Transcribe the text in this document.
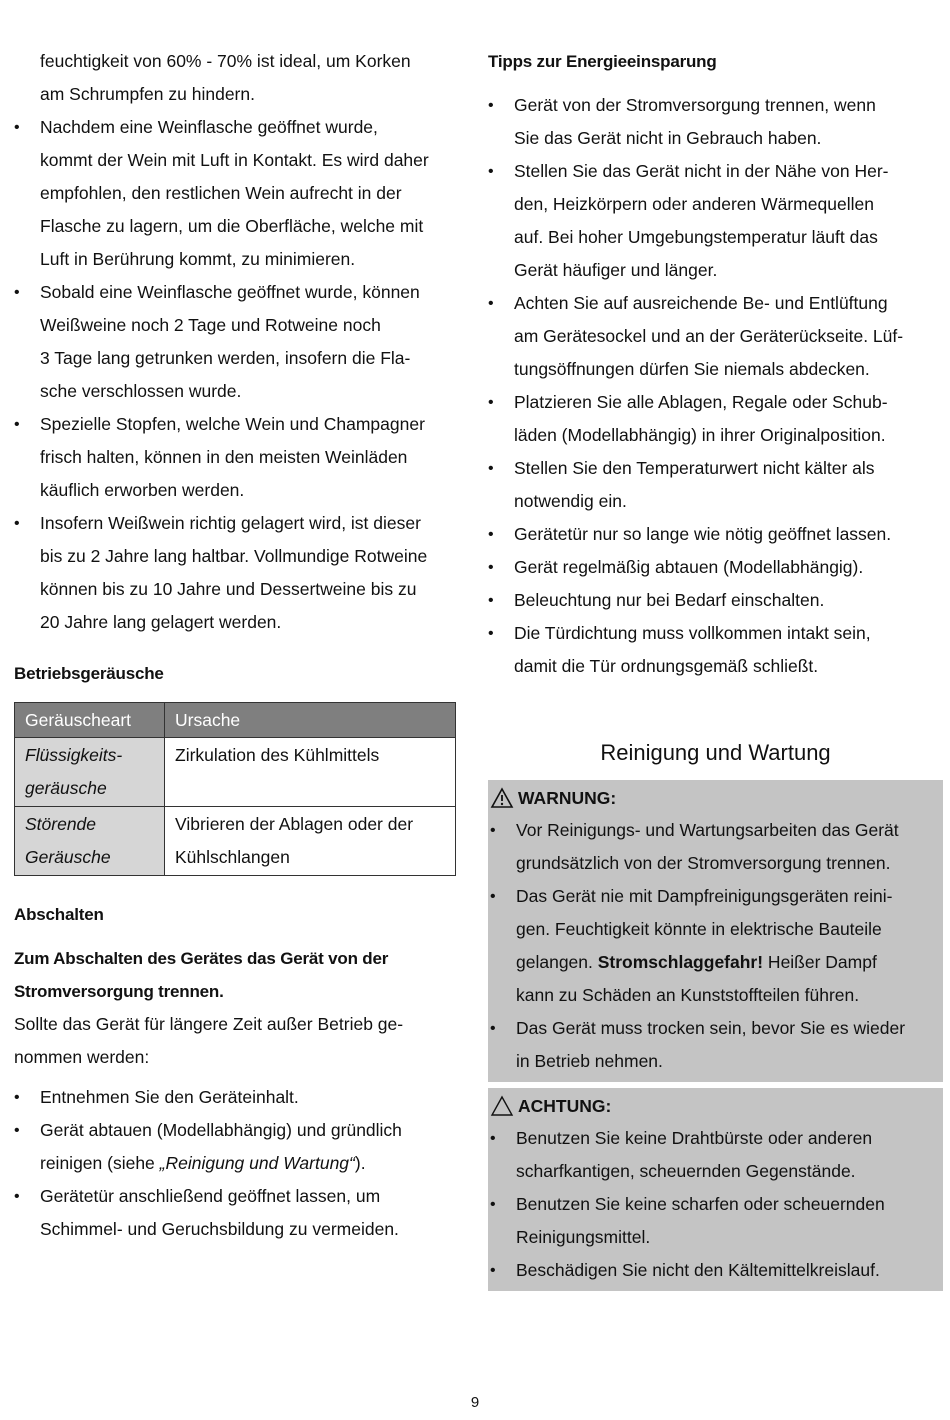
feuchtigkeit von 60% - 70% ist ideal, um Korken
am Schrumpfen zu hindern.

• Nachdem eine Weinflasche geöffnet wurde,
kommt der Wein mit Luft in Kontakt. Es wird daher
empfohlen, den restlichen Wein aufrecht in der
Flasche zu lagern, um die Oberfläche, welche mit
Luft in Berührung kommt, zu minimieren.
• Sobald eine Weinflasche geöffnet wurde, können
Weißweine noch 2 Tage und Rotweine noch
3 Tage lang getrunken werden, insofern die Fla-
sche verschlossen wurde.
• Spezielle Stopfen, welche Wein und Champagner
frisch halten, können in den meisten Weinläden
käuflich erworben werden.
• Insofern Weißwein richtig gelagert wird, ist dieser
bis zu 2 Jahre lang haltbar. Vollmundige Rotweine
können bis zu 10 Jahre und Dessertweine bis zu
20 Jahre lang gelagert werden.

Betriebsgeräusche

Geräuscheart	Ursache
Flüssigkeits-
geräusche	Zirkulation des Kühlmittels
Störende
Geräusche	Vibrieren der Ablagen oder der
Kühlschlangen

Abschalten

Zum Abschalten des Gerätes das Gerät von der
Stromversorgung trennen.

Sollte das Gerät für längere Zeit außer Betrieb ge-
nommen werden:

• Entnehmen Sie den Geräteinhalt.
• Gerät abtauen (Modellabhängig) und gründlich
reinigen (siehe „Reinigung und Wartung“).
• Gerätetür anschließend geöffnet lassen, um
Schimmel- und Geruchsbildung zu vermeiden.

Tipps zur Energieeinsparung

• Gerät von der Stromversorgung trennen, wenn
Sie das Gerät nicht in Gebrauch haben.
• Stellen Sie das Gerät nicht in der Nähe von Her-
den, Heizkörpern oder anderen Wärmequellen
auf. Bei hoher Umgebungstemperatur läuft das
Gerät häufiger und länger.
• Achten Sie auf ausreichende Be- und Entlüftung
am Gerätesockel und an der Geräterückseite. Lüf-
tungsöffnungen dürfen Sie niemals abdecken.
• Platzieren Sie alle Ablagen, Regale oder Schub-
läden (Modellabhängig) in ihrer Originalposition.
• Stellen Sie den Temperaturwert nicht kälter als
notwendig ein.
• Gerätetür nur so lange wie nötig geöffnet lassen.
• Gerät regelmäßig abtauen (Modellabhängig).
• Beleuchtung nur bei Bedarf einschalten.
• Die Türdichtung muss vollkommen intakt sein,
damit die Tür ordnungsgemäß schließt.

Reinigung und Wartung

WARNUNG:
• Vor Reinigungs- und Wartungsarbeiten das Gerät
grundsätzlich von der Stromversorgung trennen.
• Das Gerät nie mit Dampfreinigungsgeräten reini-
gen. Feuchtigkeit könnte in elektrische Bauteile
gelangen. Stromschlaggefahr! Heißer Dampf
kann zu Schäden an Kunststoffteilen führen.
• Das Gerät muss trocken sein, bevor Sie es wieder
in Betrieb nehmen.
ACHTUNG:
• Benutzen Sie keine Drahtbürste oder anderen
scharfkantigen, scheuernden Gegenstände.
• Benutzen Sie keine scharfen oder scheuernden
Reinigungsmittel.
• Beschädigen Sie nicht den Kältemittelkreislauf.
9
